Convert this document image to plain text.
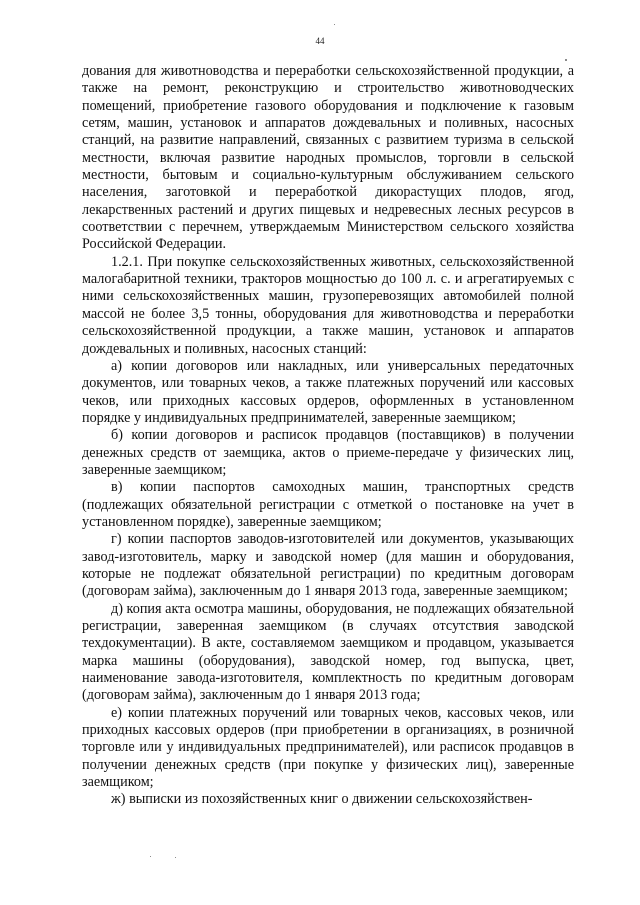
44

дования для животноводства и переработки сельскохозяйственной продукции, а также на ремонт, реконструкцию и строительство животноводческих помещений, приобретение газового оборудования и подключение к газовым сетям, машин, установок и аппаратов дождевальных и поливных, насосных станций, на развитие направлений, связанных с развитием туризма в сельской местности, включая развитие народных промыслов, торговли в сельской местности, бытовым и социально-культурным обслуживанием сельского населения, заготовкой и переработкой дикорастущих плодов, ягод, лекарственных растений и других пищевых и недревесных лесных ресурсов в соответствии с перечнем, утверждаемым Министерством сельского хозяйства Российской Федерации.

1.2.1. При покупке сельскохозяйственных животных, сельскохозяйственной малогабаритной техники, тракторов мощностью до 100 л. с. и агрегатируемых с ними сельскохозяйственных машин, грузоперевозящих автомобилей полной массой не более 3,5 тонны, оборудования для животноводства и переработки сельскохозяйственной продукции, а также машин, установок и аппаратов дождевальных и поливных, насосных станций:

а) копии договоров или накладных, или универсальных передаточных документов, или товарных чеков, а также платежных поручений или кассовых чеков, или приходных кассовых ордеров, оформленных в установленном порядке у индивидуальных предпринимателей, заверенные заемщиком;

б) копии договоров и расписок продавцов (поставщиков) в получении денежных средств от заемщика, актов о приеме-передаче у физических лиц, заверенные заемщиком;

в) копии паспортов самоходных машин, транспортных средств (подлежащих обязательной регистрации с отметкой о постановке на учет в установленном порядке), заверенные заемщиком;

г) копии паспортов заводов-изготовителей или документов, указывающих завод-изготовитель, марку и заводской номер (для машин и оборудования, которые не подлежат обязательной регистрации) по кредитным договорам (договорам займа), заключенным до 1 января 2013 года, заверенные заемщиком;

д) копия акта осмотра машины, оборудования, не подлежащих обязательной регистрации, заверенная заемщиком (в случаях отсутствия заводской техдокументации). В акте, составляемом заемщиком и продавцом, указывается марка машины (оборудования), заводской номер, год выпуска, цвет, наименование завода-изготовителя, комплектность по кредитным договорам (договорам займа), заключенным до 1 января 2013 года;

е) копии платежных поручений или товарных чеков, кассовых чеков, или приходных кассовых ордеров (при приобретении в организациях, в розничной торговле или у индивидуальных предпринимателей), или расписок продавцов в получении денежных средств (при покупке у физических лиц), заверенные заемщиком;

ж) выписки из похозяйственных книг о движении сельскохозяйствен-
